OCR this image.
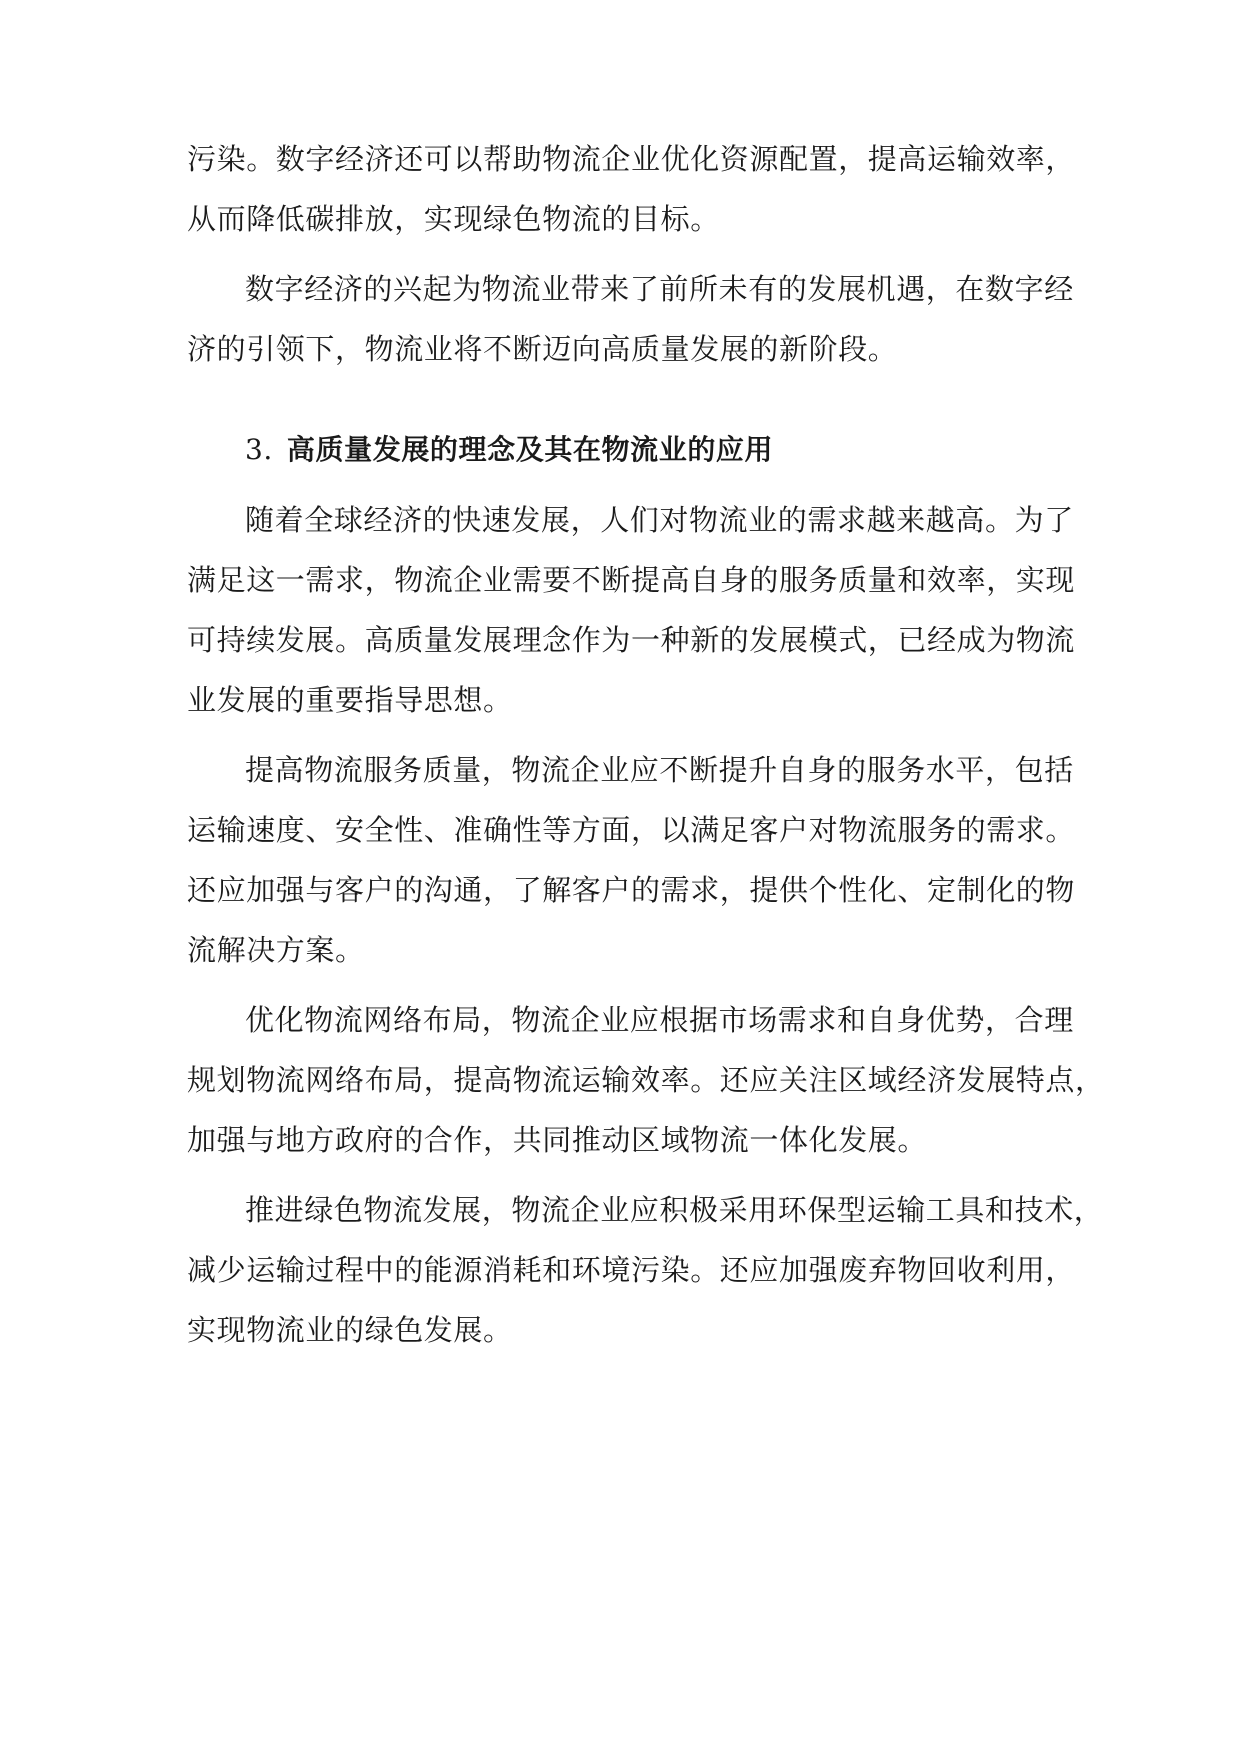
污染。数字经济还可以帮助物流企业优化资源配置，提高运输效率，
从而降低碳排放，实现绿色物流的目标。
数字经济的兴起为物流业带来了前所未有的发展机遇，在数字经
济的引领下，物流业将不断迈向高质量发展的新阶段。
3. 高质量发展的理念及其在物流业的应用
随着全球经济的快速发展，人们对物流业的需求越来越高。为了
满足这一需求，物流企业需要不断提高自身的服务质量和效率，实现
可持续发展。高质量发展理念作为一种新的发展模式，已经成为物流
业发展的重要指导思想。
提高物流服务质量，物流企业应不断提升自身的服务水平，包括
运输速度、安全性、准确性等方面，以满足客户对物流服务的需求。
还应加强与客户的沟通，了解客户的需求，提供个性化、定制化的物
流解决方案。
优化物流网络布局，物流企业应根据市场需求和自身优势，合理
规划物流网络布局，提高物流运输效率。还应关注区域经济发展特点，
加强与地方政府的合作，共同推动区域物流一体化发展。
推进绿色物流发展，物流企业应积极采用环保型运输工具和技术，
减少运输过程中的能源消耗和环境污染。还应加强废弃物回收利用，
实现物流业的绿色发展。
